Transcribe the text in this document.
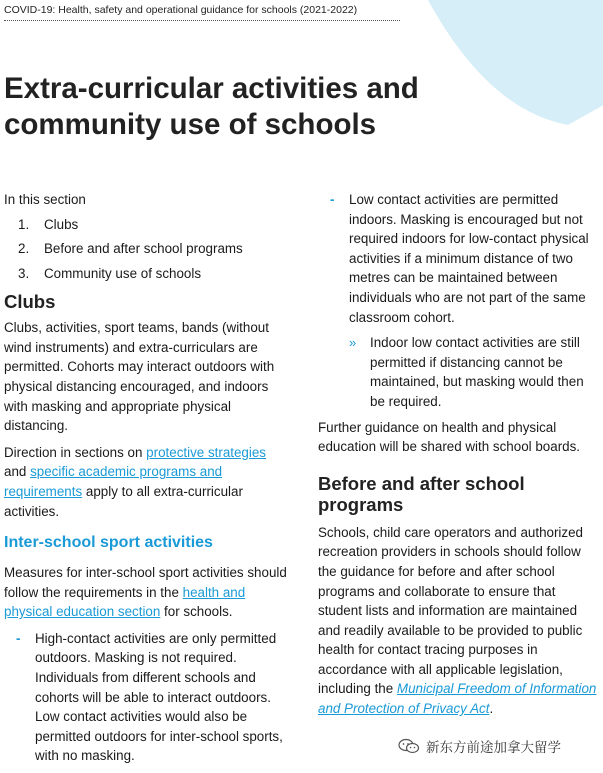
COVID-19: Health, safety and operational guidance for schools (2021-2022)
Extra-curricular activities and
community use of schools

In this section

1.	Clubs
2.	Before and after school programs
3.	Community use of schools
Clubs

Clubs, activities, sport teams, bands (without wind instruments) and extra-curriculars are permitted. Cohorts may interact outdoors with physical distancing encouraged, and indoors with masking and appropriate physical distancing.

Direction in sections on protective strategies and specific academic programs and requirements apply to all extra-curricular activities.

Inter-school sport activities

Measures for inter-school sport activities should follow the requirements in the health and physical education section for schools.

- High-contact activities are only permitted outdoors. Masking is not required. Individuals from different schools and cohorts will be able to interact outdoors. Low contact activities would also be permitted outdoors for inter-school sports, with no masking.
- Low contact activities are permitted indoors. Masking is encouraged but not required indoors for low-contact physical activities if a minimum distance of two metres can be maintained between individuals who are not part of the same classroom cohort.
» Indoor low contact activities are still permitted if distancing cannot be maintained, but masking would then be required.

Further guidance on health and physical education will be shared with school boards.

Before and after school programs

Schools, child care operators and authorized recreation providers in schools should follow the guidance for before and after school programs and collaborate to ensure that student lists and information are maintained and readily available to be provided to public health for contact tracing purposes in accordance with all applicable legislation, including the Municipal Freedom of Information and Protection of Privacy Act.

新东方前途加拿大留学
